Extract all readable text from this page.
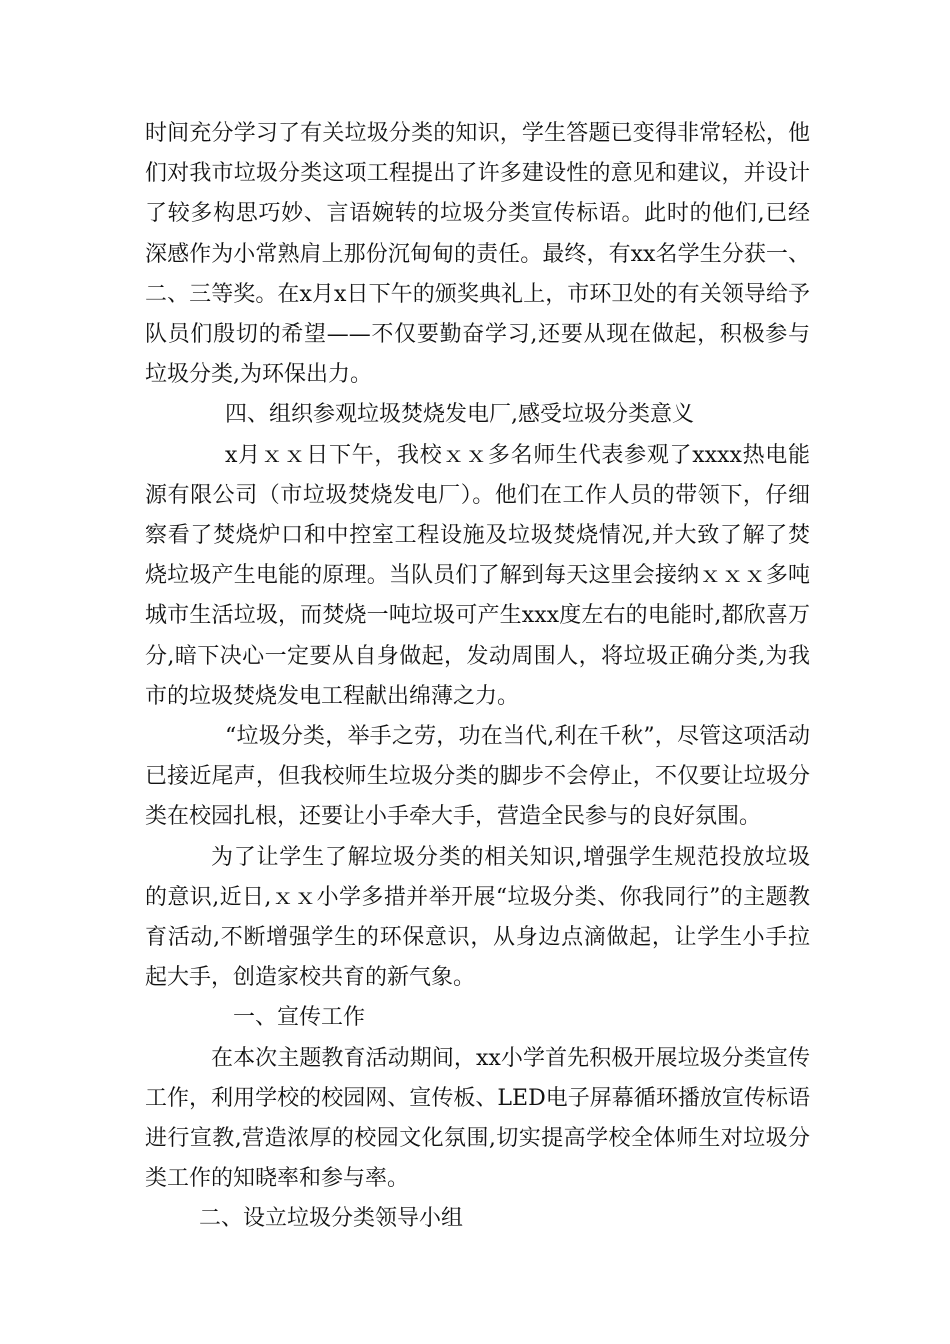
时间充分学习了有关垃圾分类的知识，学生答题已变得非常轻松，他们对我市垃圾分类这项工程提出了许多建设性的意见和建议，并设计了较多构思巧妙、言语婉转的垃圾分类宣传标语。此时的他们,已经深感作为小常熟肩上那份沉甸甸的责任。最终，有xx名学生分获一、二、三等奖。在x月x日下午的颁奖典礼上，市环卫处的有关领导给予队员们殷切的希望——不仅要勤奋学习,还要从现在做起，积极参与垃圾分类,为环保出力。

四、组织参观垃圾焚烧发电厂,感受垃圾分类意义

x月ｘｘ日下午，我校ｘｘ多名师生代表参观了xxxx热电能源有限公司（市垃圾焚烧发电厂）。他们在工作人员的带领下，仔细察看了焚烧炉口和中控室工程设施及垃圾焚烧情况,并大致了解了焚烧垃圾产生电能的原理。当队员们了解到每天这里会接纳ｘｘｘ多吨城市生活垃圾，而焚烧一吨垃圾可产生xxx度左右的电能时,都欣喜万分,暗下决心一定要从自身做起，发动周围人，将垃圾正确分类,为我市的垃圾焚烧发电工程献出绵薄之力。

“垃圾分类，举手之劳，功在当代,利在千秋”，尽管这项活动已接近尾声，但我校师生垃圾分类的脚步不会停止，不仅要让垃圾分类在校园扎根，还要让小手牵大手，营造全民参与的良好氛围。

为了让学生了解垃圾分类的相关知识,增强学生规范投放垃圾的意识,近日,ｘｘ小学多措并举开展“垃圾分类、你我同行”的主题教育活动,不断增强学生的环保意识，从身边点滴做起，让学生小手拉起大手，创造家校共育的新气象。

一、宣传工作

在本次主题教育活动期间，xx小学首先积极开展垃圾分类宣传工作，利用学校的校园网、宣传板、LED电子屏幕循环播放宣传标语进行宣教,营造浓厚的校园文化氛围,切实提高学校全体师生对垃圾分类工作的知晓率和参与率。

二、设立垃圾分类领导小组
